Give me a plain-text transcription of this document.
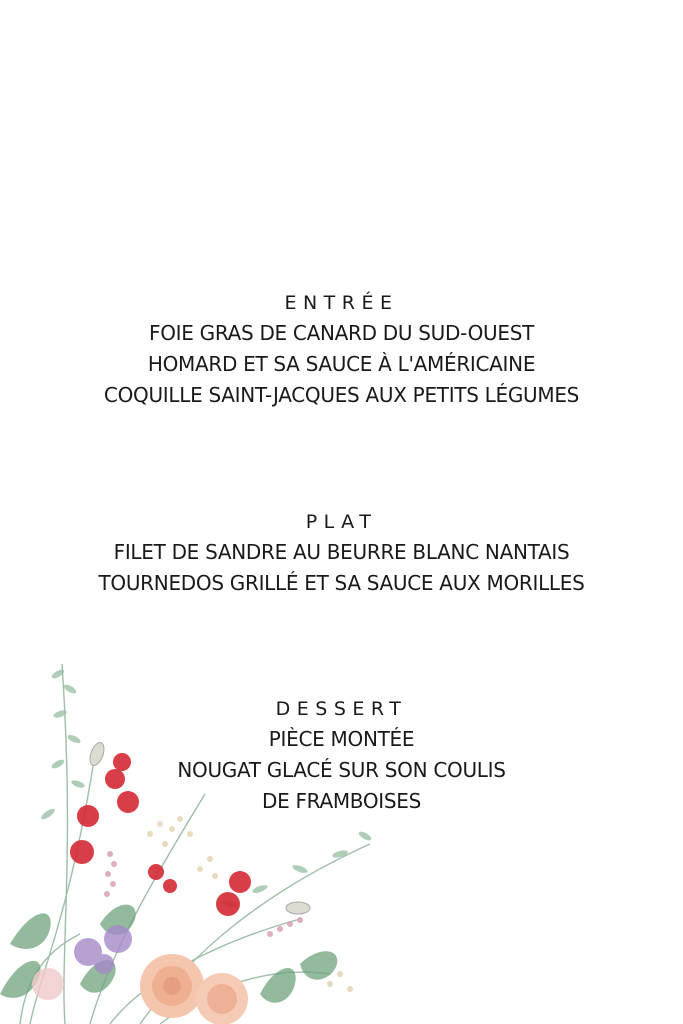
ENTRÉE

FOIE GRAS DE CANARD DU SUD-OUEST

HOMARD ET SA SAUCE À L'AMÉRICAINE

COQUILLE SAINT-JACQUES AUX PETITS LÉGUMES

PLAT

FILET DE SANDRE AU BEURRE BLANC NANTAIS

TOURNEDOS GRILLÉ ET SA SAUCE AUX MORILLES

DESSERT

PIÈCE MONTÉE

NOUGAT GLACÉ SUR SON COULIS

DE FRAMBOISES
